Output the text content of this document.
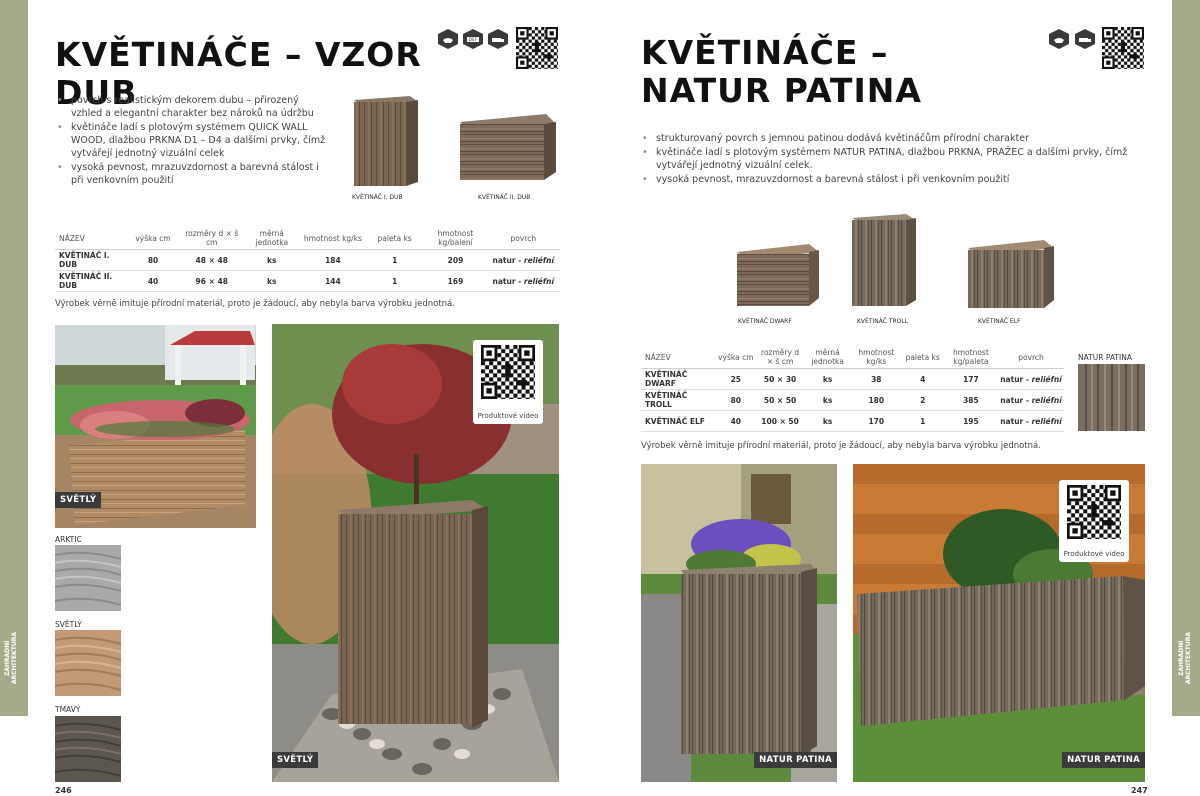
ZAHRADNÍ
ARCHITEKTURA	ZAHRADNÍ
ARCHITEKTURA
KVĚTINÁČE – VZOR DUB
DEF
• povrch s realistickým dekorem dubu – přirozený vzhled a elegantní charakter bez nároků na údržbu
• květináče ladí s plotovým systémem QUICK WALL WOOD, dlažbou PRKNA D1 – D4 a dalšími prvky, čímž vytvářejí jednotný vizuální celek
• vysoká pevnost, mrazuvzdornost a barevná stálost i při venkovním použití
KVĚTINÁČ I. DUB	KVĚTINÁČ II. DUB
NÁZEV	výška cm	rozměry d × š cm	měrná jednotka	hmotnost kg/ks	paleta ks	hmotnost kg/balení	povrch
KVĚTINÁČ I. DUB	80	48 × 48	ks	184	1	209	natur - reliéfní
KVĚTINÁČ II. DUB	40	96 × 48	ks	144	1	169	natur - reliéfní
Výrobek věrně imituje přírodní materiál, proto je žádoucí, aby nebyla barva výrobku jednotná.
SVĚTLÝ
ARKTIC
SVĚTLÝ
TMAVÝ
Produktové video
SVĚTLÝ
246
KVĚTINÁČE –
NATUR PATINA
• strukturovaný povrch s jemnou patinou dodává květináčům přírodní charakter
• květináče ladí s plotovým systémem NATUR PATINA, dlažbou PRKNA, PRAŽEC a dalšími prvky, čímž vytvářejí jednotný vizuální celek.
• vysoká pevnost, mrazuvzdornost a barevná stálost i při venkovním použití
KVĚTINÁČ DWARF	KVĚTINÁČ TROLL	KVĚTINÁČ ELF
NÁZEV	výška cm	rozměry d × š cm	měrná jednotka	hmotnost kg/ks	paleta ks	hmotnost kg/paleta	povrch
KVĚTINÁČ DWARF	25	50 × 30	ks	38	4	177	natur - reliéfní
KVĚTINÁČ TROLL	80	50 × 50	ks	180	2	385	natur - reliéfní
KVĚTINÁČ ELF	40	100 × 50	ks	170	1	195	natur - reliéfní
NATUR PATINA
Výrobek věrně imituje přírodní materiál, proto je žádoucí, aby nebyla barva výrobku jednotná.
NATUR PATINA
Produktové video
NATUR PATINA
247
